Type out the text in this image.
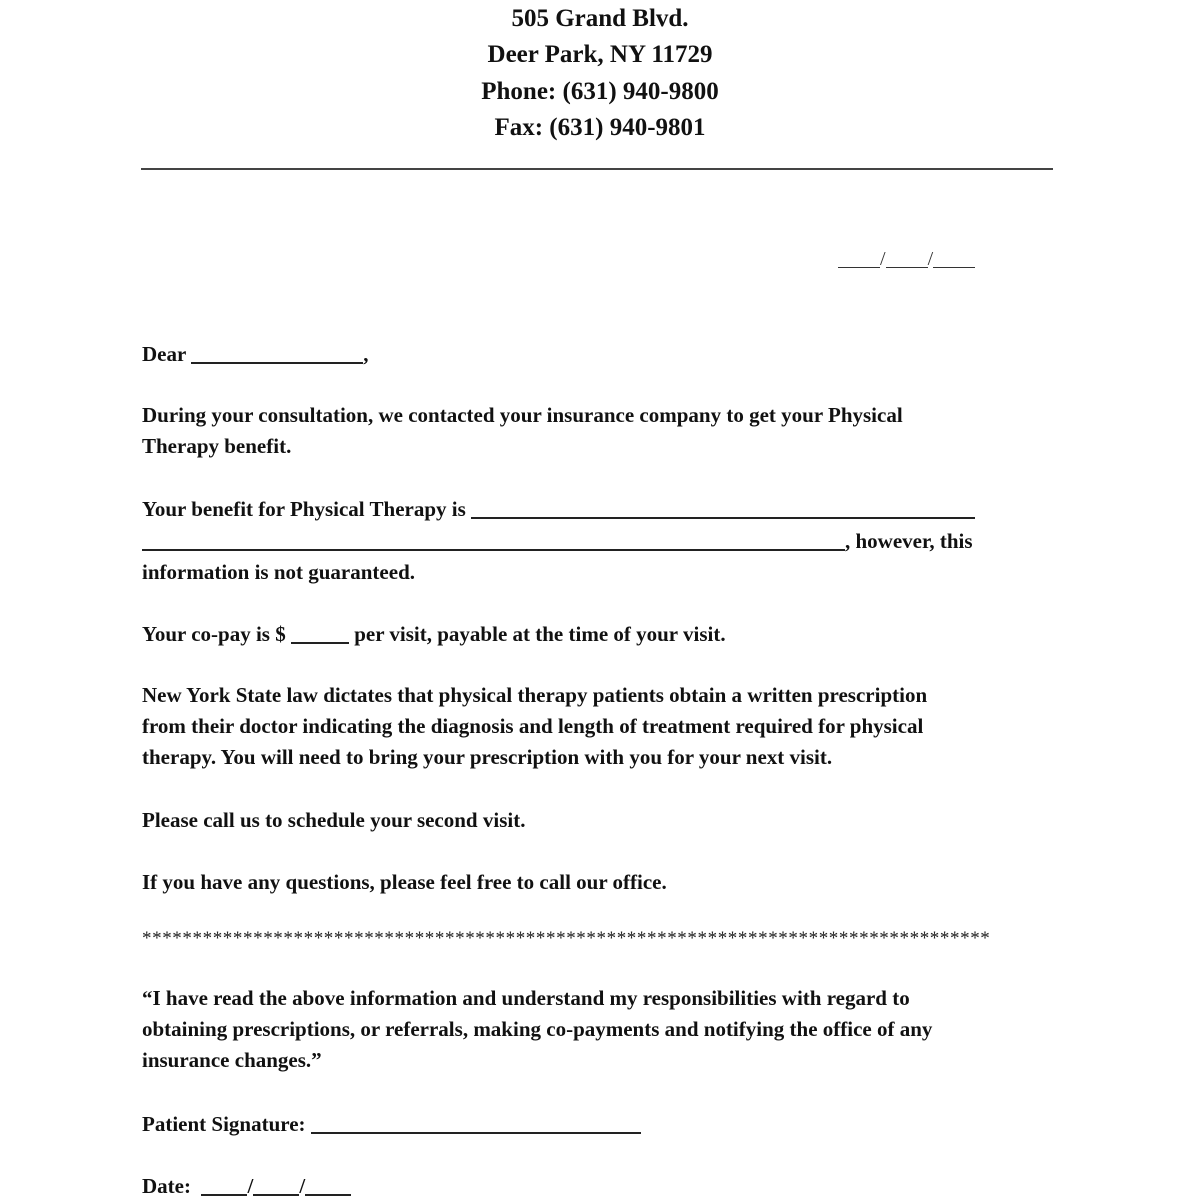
505 Grand Blvd.
Deer Park, NY 11729
Phone: (631) 940-9800
Fax: (631) 940-9801
/ /
Dear	,
During your consultation, we contacted your insurance company to get your Physical
Therapy benefit.
Your benefit for Physical Therapy is
, however, this
information is not guaranteed.
Your co-pay is $	per visit, payable at the time of your visit.
New York State law dictates that physical therapy patients obtain a written prescription
from their doctor indicating the diagnosis and length of treatment required for physical
therapy. You will need to bring your prescription with you for your next visit.
Please call us to schedule your second visit.
If you have any questions, please feel free to call our office.
************************************************************************************
“I have read the above information and understand my responsibilities with regard to
obtaining prescriptions, or referrals, making co-payments and notifying the office of any
insurance changes.”
Patient Signature:
Date:	/ /
